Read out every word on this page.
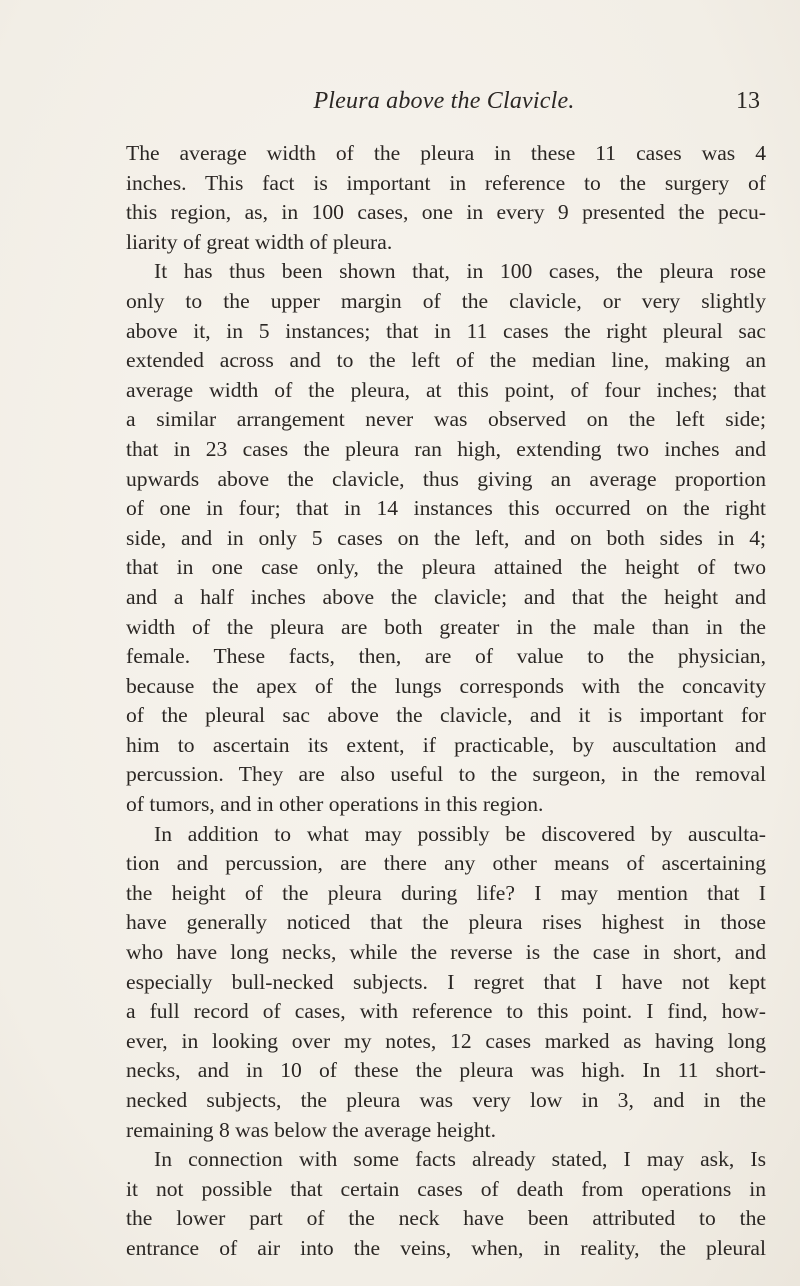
Pleura above the Clavicle.	13
The average width of the pleura in these 11 cases was 4
inches. This fact is important in reference to the surgery of
this region, as, in 100 cases, one in every 9 presented the pecu-
liarity of great width of pleura.
It has thus been shown that, in 100 cases, the pleura rose
only to the upper margin of the clavicle, or very slightly
above it, in 5 instances; that in 11 cases the right pleural sac
extended across and to the left of the median line, making an
average width of the pleura, at this point, of four inches; that
a similar arrangement never was observed on the left side;
that in 23 cases the pleura ran high, extending two inches and
upwards above the clavicle, thus giving an average proportion
of one in four; that in 14 instances this occurred on the right
side, and in only 5 cases on the left, and on both sides in 4;
that in one case only, the pleura attained the height of two
and a half inches above the clavicle; and that the height and
width of the pleura are both greater in the male than in the
female. These facts, then, are of value to the physician,
because the apex of the lungs corresponds with the concavity
of the pleural sac above the clavicle, and it is important for
him to ascertain its extent, if practicable, by auscultation and
percussion. They are also useful to the surgeon, in the removal
of tumors, and in other operations in this region.
In addition to what may possibly be discovered by ausculta-
tion and percussion, are there any other means of ascertaining
the height of the pleura during life? I may mention that I
have generally noticed that the pleura rises highest in those
who have long necks, while the reverse is the case in short, and
especially bull-necked subjects. I regret that I have not kept
a full record of cases, with reference to this point. I find, how-
ever, in looking over my notes, 12 cases marked as having long
necks, and in 10 of these the pleura was high. In 11 short-
necked subjects, the pleura was very low in 3, and in the
remaining 8 was below the average height.
In connection with some facts already stated, I may ask, Is
it not possible that certain cases of death from operations in
the lower part of the neck have been attributed to the
entrance of air into the veins, when, in reality, the pleural
